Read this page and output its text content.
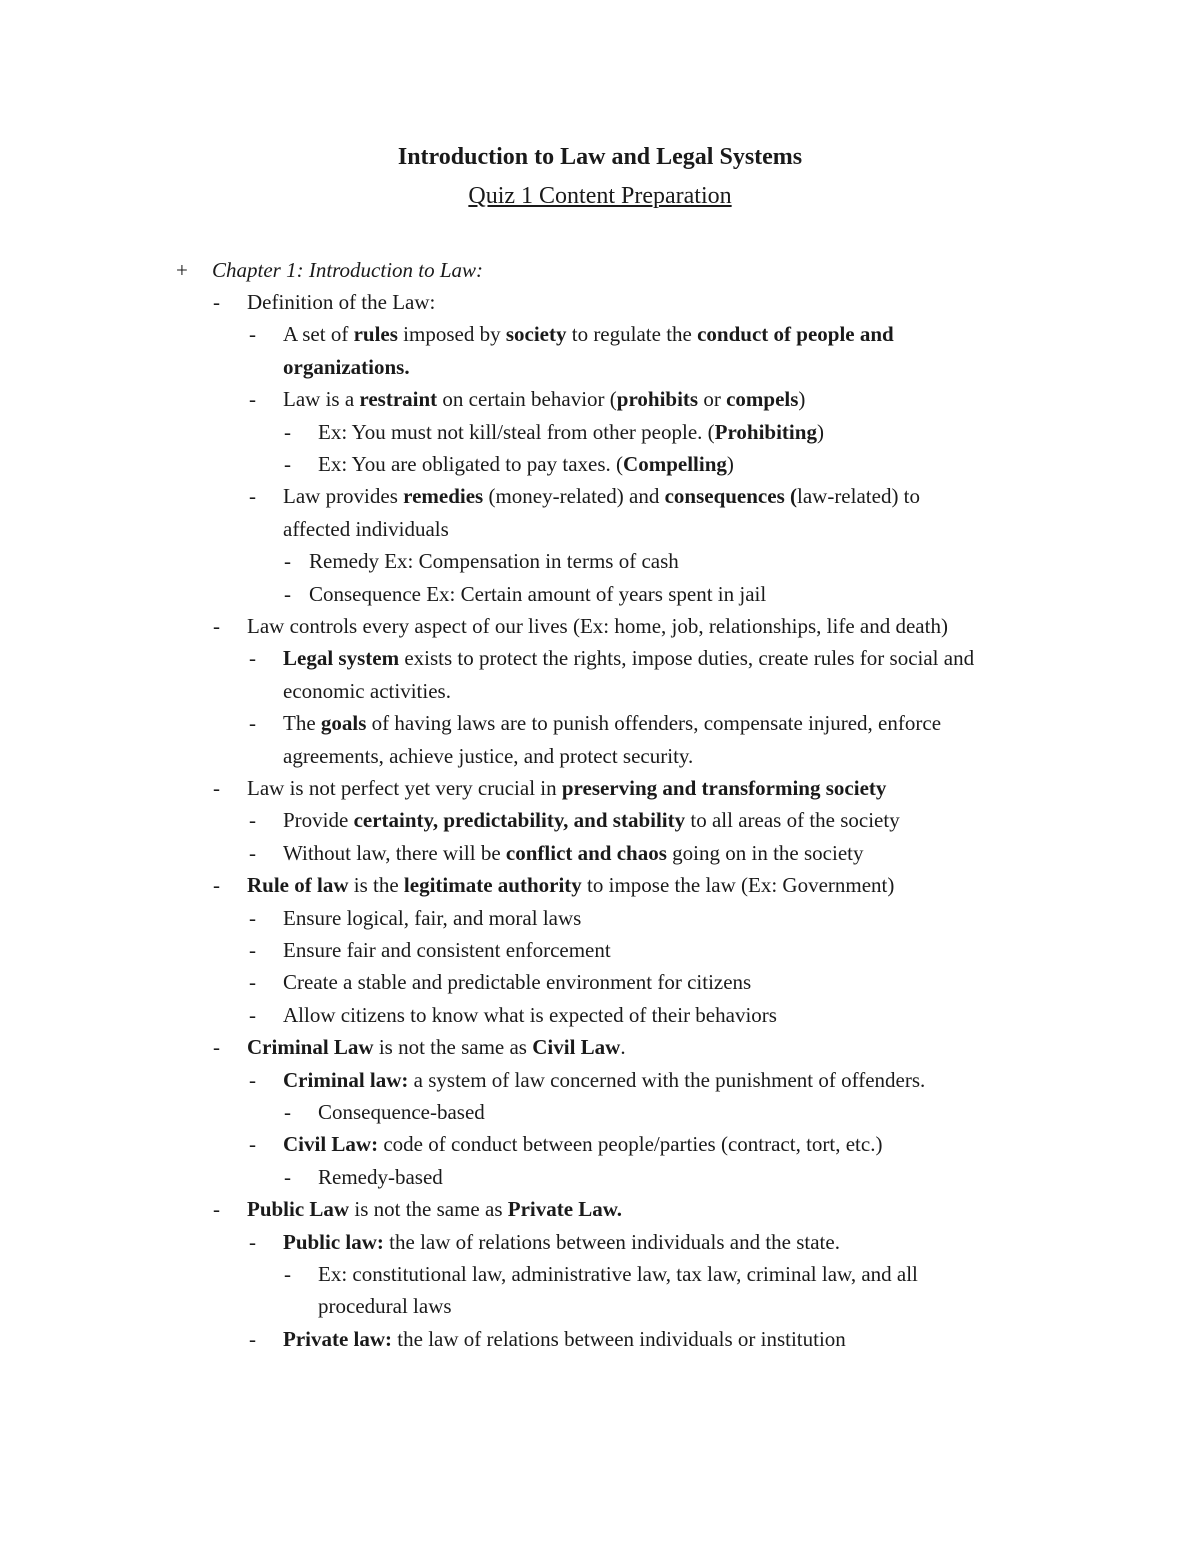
Introduction to Law and Legal Systems
Quiz 1 Content Preparation
+ Chapter 1: Introduction to Law:
- Definition of the Law:
- A set of rules imposed by society to regulate the conduct of people and
organizations.
- Law is a restraint on certain behavior (prohibits or compels)
- Ex: You must not kill/steal from other people. (Prohibiting)
- Ex: You are obligated to pay taxes. (Compelling)
- Law provides remedies (money-related) and consequences (law-related) to
affected individuals
- Remedy Ex: Compensation in terms of cash
- Consequence Ex: Certain amount of years spent in jail
- Law controls every aspect of our lives (Ex: home, job, relationships, life and death)
- Legal system exists to protect the rights, impose duties, create rules for social and
economic activities.
- The goals of having laws are to punish offenders, compensate injured, enforce
agreements, achieve justice, and protect security.
- Law is not perfect yet very crucial in preserving and transforming society
- Provide certainty, predictability, and stability to all areas of the society
- Without law, there will be conflict and chaos going on in the society
- Rule of law is the legitimate authority to impose the law (Ex: Government)
- Ensure logical, fair, and moral laws
- Ensure fair and consistent enforcement
- Create a stable and predictable environment for citizens
- Allow citizens to know what is expected of their behaviors
- Criminal Law is not the same as Civil Law.
- Criminal law: a system of law concerned with the punishment of offenders.
- Consequence-based
- Civil Law: code of conduct between people/parties (contract, tort, etc.)
- Remedy-based
- Public Law is not the same as Private Law.
- Public law: the law of relations between individuals and the state.
- Ex: constitutional law, administrative law, tax law, criminal law, and all
procedural laws
- Private law: the law of relations between individuals or institution
